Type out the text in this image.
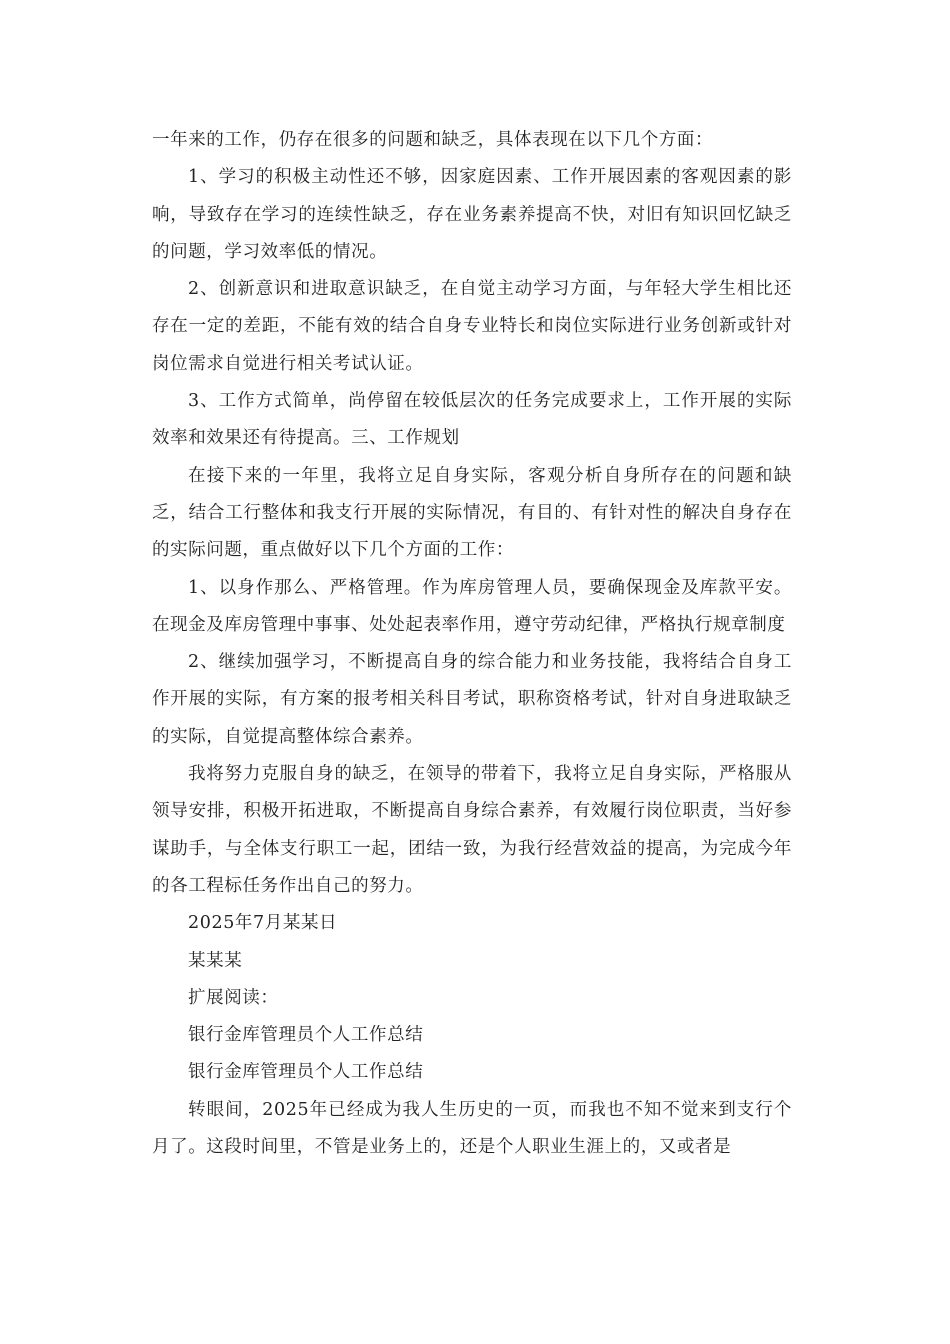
一年来的工作，仍存在很多的问题和缺乏，具体表现在以下几个方面：

1、学习的积极主动性还不够，因家庭因素、工作开展因素的客观因素的影响，导致存在学习的连续性缺乏，存在业务素养提高不快，对旧有知识回忆缺乏的问题，学习效率低的情况。

2、创新意识和进取意识缺乏，在自觉主动学习方面，与年轻大学生相比还存在一定的差距，不能有效的结合自身专业特长和岗位实际进行业务创新或针对岗位需求自觉进行相关考试认证。

3、工作方式简单，尚停留在较低层次的任务完成要求上，工作开展的实际效率和效果还有待提高。三、工作规划

在接下来的一年里，我将立足自身实际，客观分析自身所存在的问题和缺乏，结合工行整体和我支行开展的实际情况，有目的、有针对性的解决自身存在的实际问题，重点做好以下几个方面的工作：

1、以身作那么、严格管理。作为库房管理人员，要确保现金及库款平安。在现金及库房管理中事事、处处起表率作用，遵守劳动纪律，严格执行规章制度

2、继续加强学习，不断提高自身的综合能力和业务技能，我将结合自身工作开展的实际，有方案的报考相关科目考试，职称资格考试，针对自身进取缺乏的实际，自觉提高整体综合素养。

我将努力克服自身的缺乏，在领导的带着下，我将立足自身实际，严格服从领导安排，积极开拓进取，不断提高自身综合素养，有效履行岗位职责，当好参谋助手，与全体支行职工一起，团结一致，为我行经营效益的提高，为完成今年的各工程标任务作出自己的努力。

2025年7月某某日

某某某

扩展阅读：

银行金库管理员个人工作总结

银行金库管理员个人工作总结

转眼间，2025年已经成为我人生历史的一页，而我也不知不觉来到支行个月了。这段时间里，不管是业务上的，还是个人职业生涯上的，又或者是
